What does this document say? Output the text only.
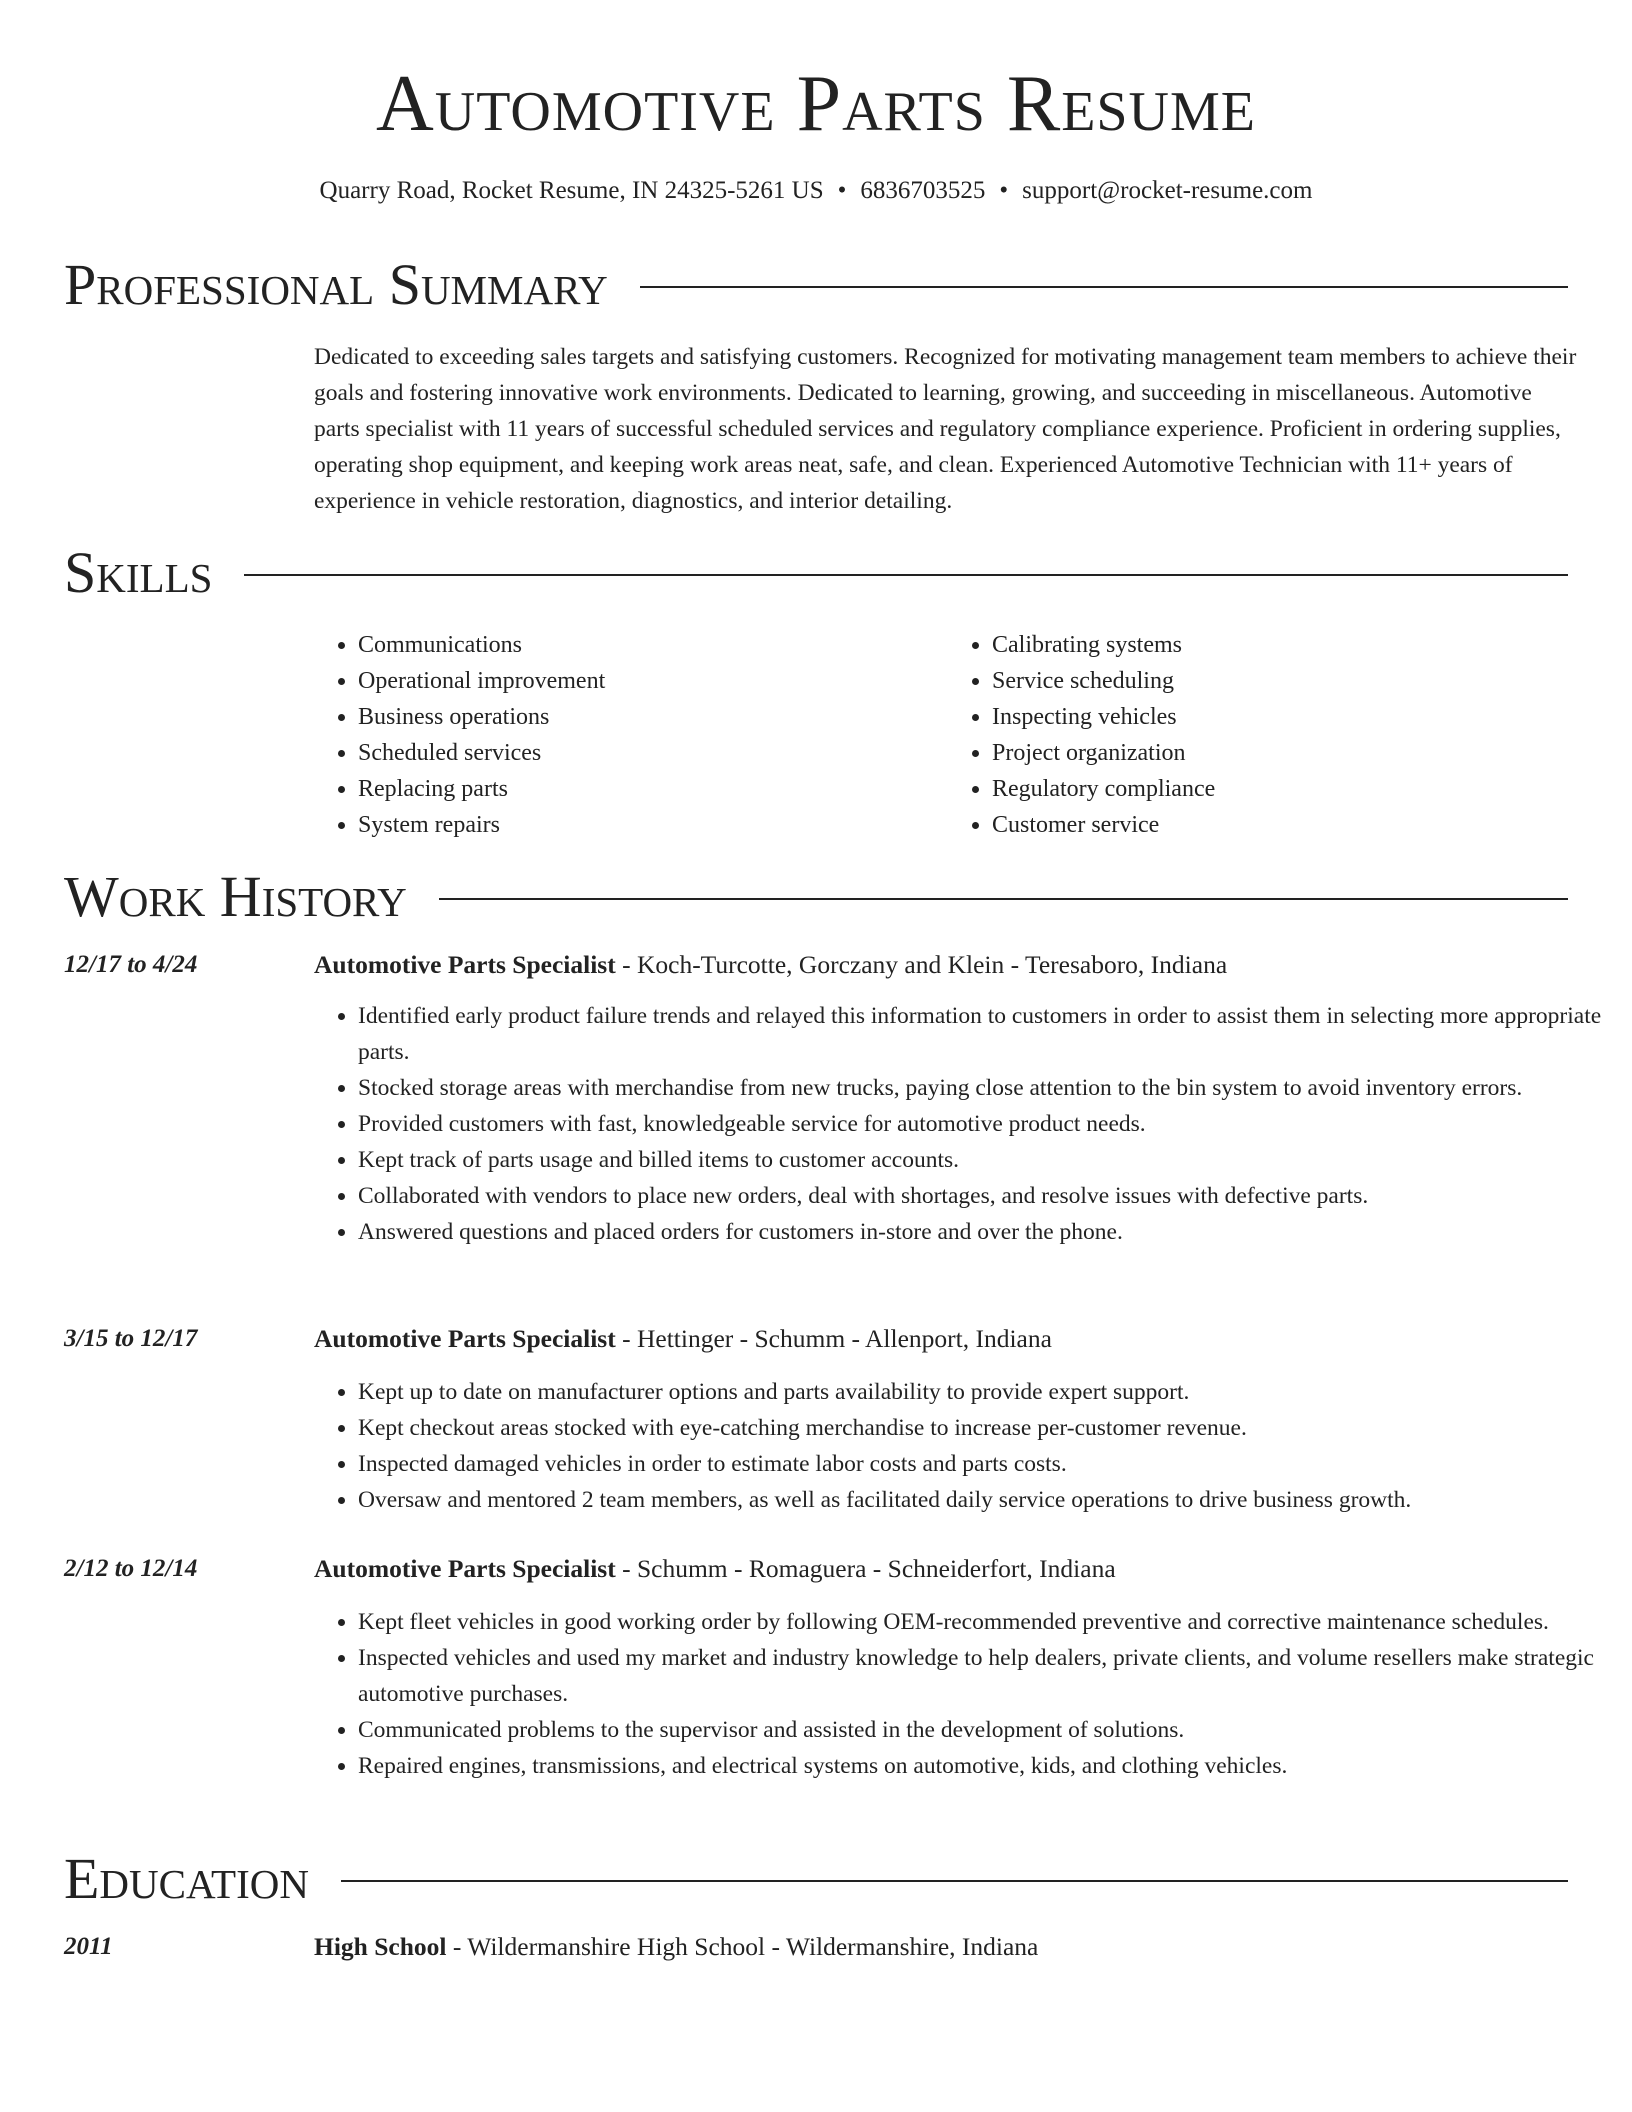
Automotive Parts Resume
Quarry Road, Rocket Resume, IN 24325-5261 US • 6836703525 • support@rocket-resume.com
Professional Summary

Dedicated to exceeding sales targets and satisfying customers. Recognized for motivating management team members to achieve their goals and fostering innovative work environments. Dedicated to learning, growing, and succeeding in miscellaneous. Automotive parts specialist with 11 years of successful scheduled services and regulatory compliance experience. Proficient in ordering supplies, operating shop equipment, and keeping work areas neat, safe, and clean. Experienced Automotive Technician with 11+ years of experience in vehicle restoration, diagnostics, and interior detailing.

Skills
• Communications
• Operational improvement
• Business operations
• Scheduled services
• Replacing parts
• System repairs
• Calibrating systems
• Service scheduling
• Inspecting vehicles
• Project organization
• Regulatory compliance
• Customer service
Work History
12/17 to 4/24	Automotive Parts Specialist - Koch-Turcotte, Gorczany and Klein - Teresaboro, Indiana
• Identified early product failure trends and relayed this information to customers in order to assist them in selecting more appropriate parts.
• Stocked storage areas with merchandise from new trucks, paying close attention to the bin system to avoid inventory errors.
• Provided customers with fast, knowledgeable service for automotive product needs.
• Kept track of parts usage and billed items to customer accounts.
• Collaborated with vendors to place new orders, deal with shortages, and resolve issues with defective parts.
• Answered questions and placed orders for customers in-store and over the phone.
3/15 to 12/17	Automotive Parts Specialist - Hettinger - Schumm - Allenport, Indiana
• Kept up to date on manufacturer options and parts availability to provide expert support.
• Kept checkout areas stocked with eye-catching merchandise to increase per-customer revenue.
• Inspected damaged vehicles in order to estimate labor costs and parts costs.
• Oversaw and mentored 2 team members, as well as facilitated daily service operations to drive business growth.
2/12 to 12/14	Automotive Parts Specialist - Schumm - Romaguera - Schneiderfort, Indiana
• Kept fleet vehicles in good working order by following OEM-recommended preventive and corrective maintenance schedules.
• Inspected vehicles and used my market and industry knowledge to help dealers, private clients, and volume resellers make strategic automotive purchases.
• Communicated problems to the supervisor and assisted in the development of solutions.
• Repaired engines, transmissions, and electrical systems on automotive, kids, and clothing vehicles.
Education
2011	High School - Wildermanshire High School - Wildermanshire, Indiana
